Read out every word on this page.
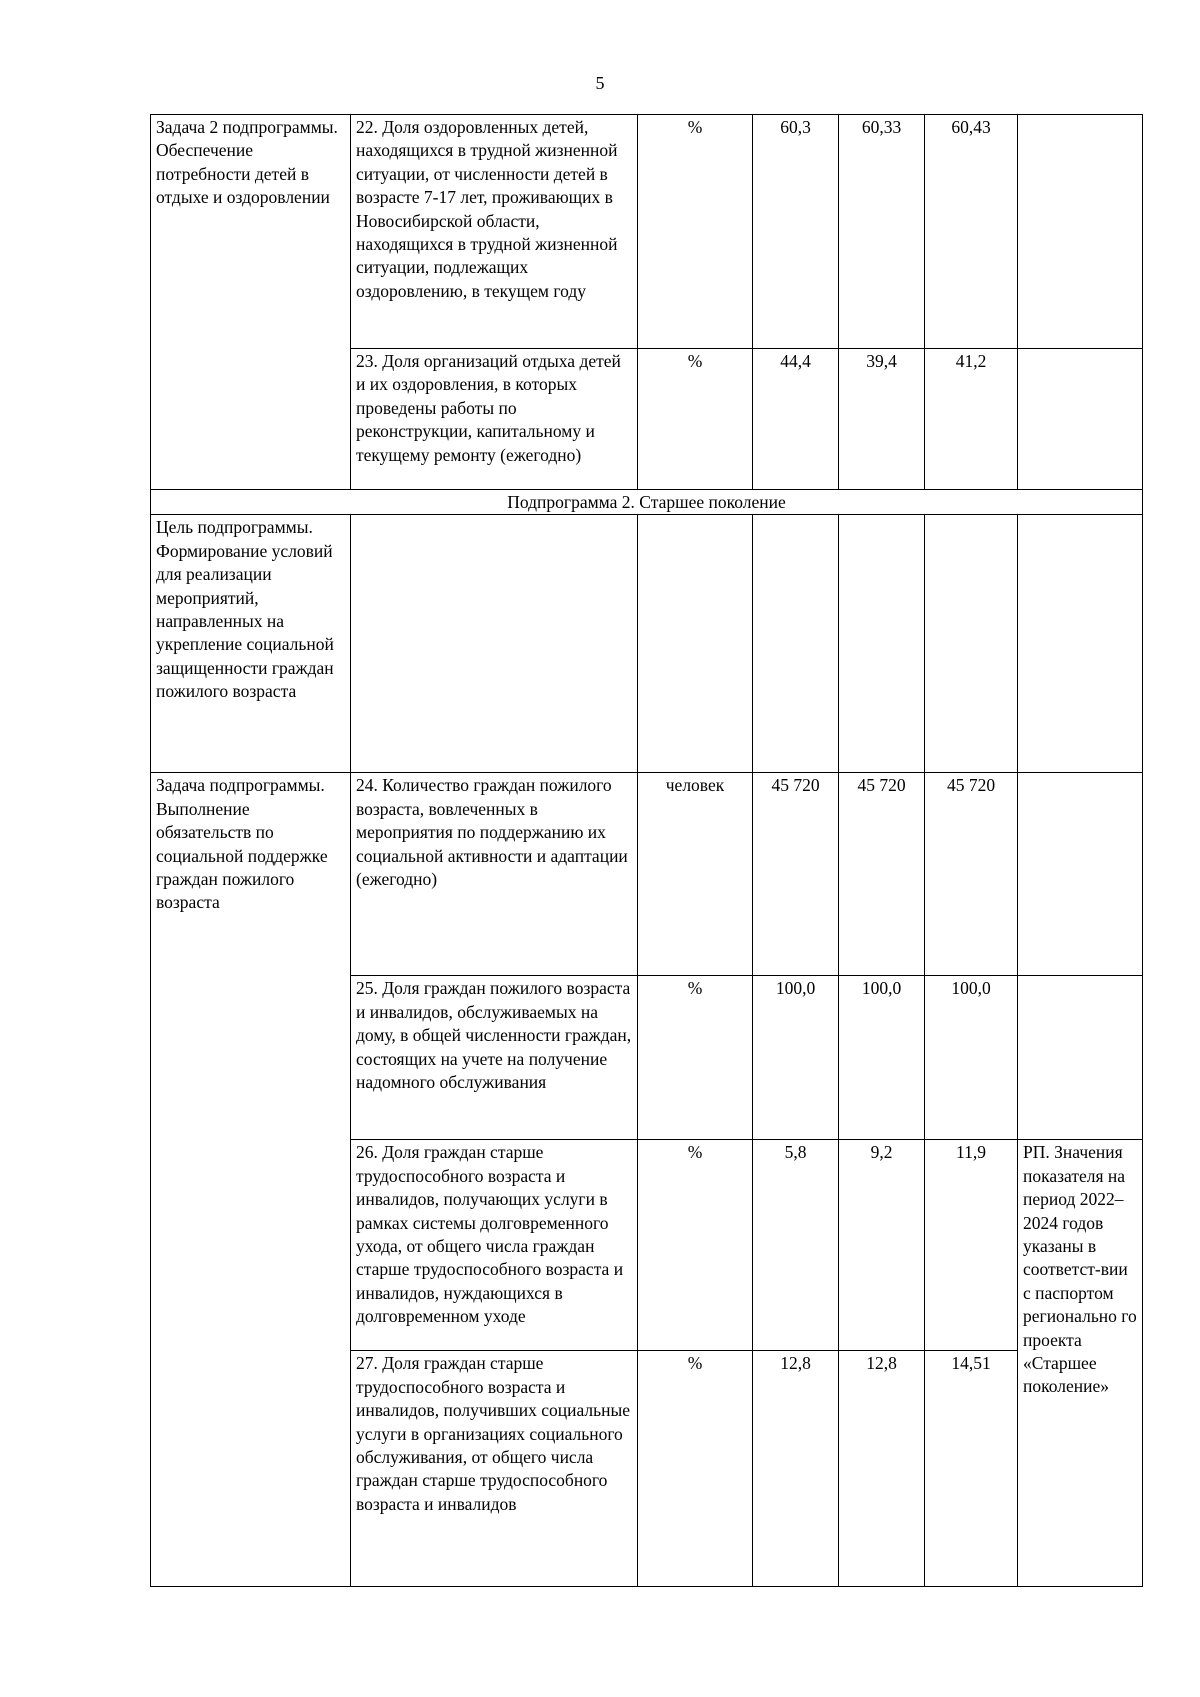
5
Задача 2 подпрограммы. Обеспечение потребности детей в отдыхе и оздоровлении	22. Доля оздоровленных детей, находящихся в трудной жизненной ситуации, от численности детей в возрасте 7-17 лет, проживающих в Новосибирской области, находящихся в трудной жизненной ситуации, подлежащих оздоровлению, в текущем году	%	60,3	60,33	60,43	
	23. Доля организаций отдыха детей и их оздоровления, в которых проведены работы по реконструкции, капитальному и текущему ремонту (ежегодно)	%	44,4	39,4	41,2	
Подпрограмма 2. Старшее поколение						
Цель подпрограммы. Формирование условий для реализации мероприятий, направленных на укрепление социальной защищенности граждан пожилого возраста						
Задача подпрограммы. Выполнение обязательств по социальной поддержке граждан пожилого возраста	24. Количество граждан пожилого возраста, вовлеченных в мероприятия по поддержанию их социальной активности и адаптации (ежегодно)	человек	45 720	45 720	45 720	
	25. Доля граждан пожилого возраста и инвалидов, обслуживаемых на дому, в общей численности граждан, состоящих на учете на получение надомного обслуживания	%	100,0	100,0	100,0	
	26. Доля граждан старше трудоспособного возраста и инвалидов, получающих услуги в рамках системы долговременного ухода, от общего числа граждан старше трудоспособного возраста и инвалидов, нуждающихся в долговременном уходе	%	5,8	9,2	11,9	РП. Значения показателя на период 2022–2024 годов указаны в соответст-вии с паспортом регионально го проекта «Старшее поколение»
	27. Доля граждан старше трудоспособного возраста и инвалидов, получивших социальные услуги в организациях социального обслуживания, от общего числа граждан старше трудоспособного возраста и инвалидов	%	12,8	12,8	14,51	
